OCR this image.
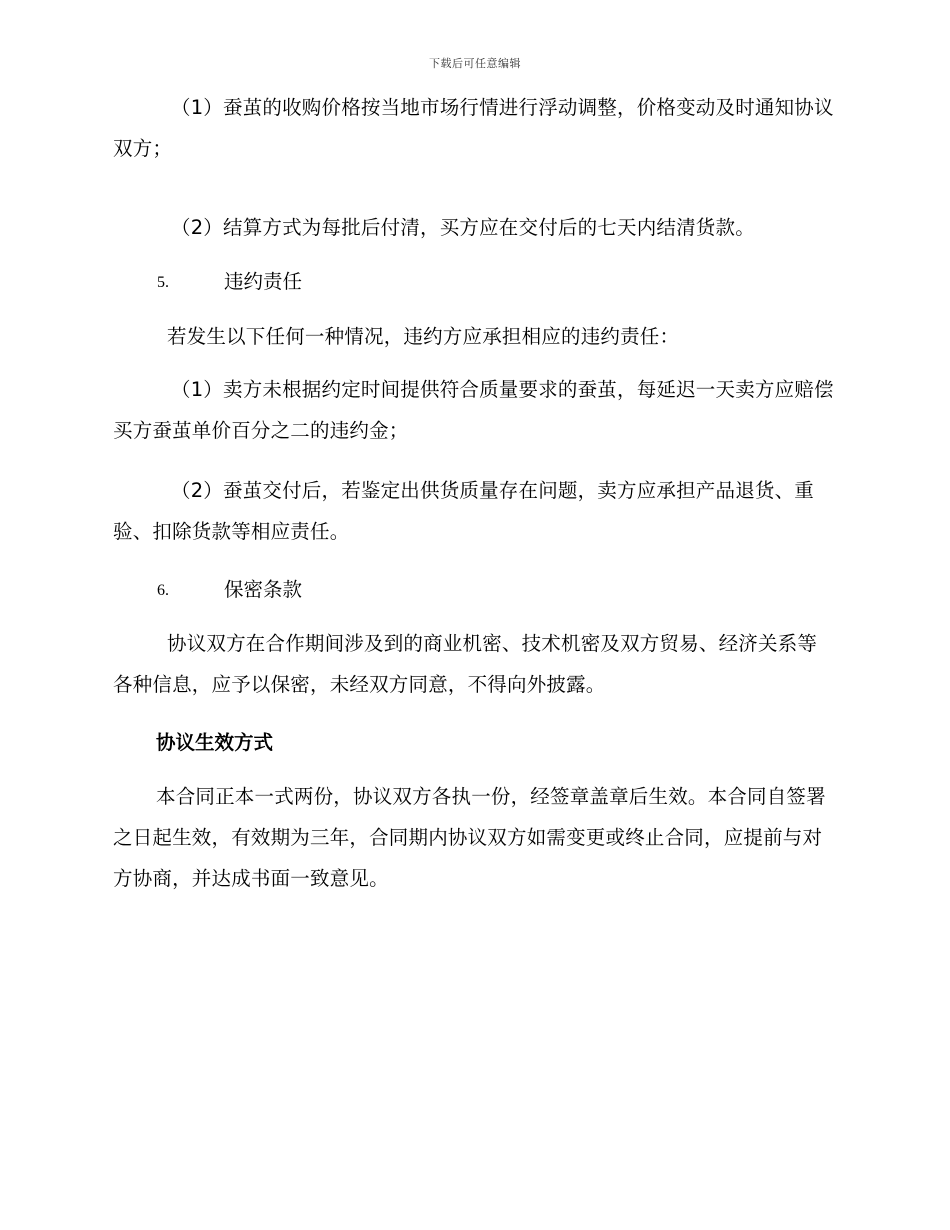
下载后可任意编辑

（1）蚕茧的收购价格按当地市场行情进行浮动调整，价格变动及时通知协议双方；

（2）结算方式为每批后付清，买方应在交付后的七天内结清货款。

5.	违约责任

若发生以下任何一种情况，违约方应承担相应的违约责任：

（1）卖方未根据约定时间提供符合质量要求的蚕茧，每延迟一天卖方应赔偿买方蚕茧单价百分之二的违约金；

（2）蚕茧交付后，若鉴定出供货质量存在问题，卖方应承担产品退货、重验、扣除货款等相应责任。

6.	保密条款

协议双方在合作期间涉及到的商业机密、技术机密及双方贸易、经济关系等各种信息，应予以保密，未经双方同意，不得向外披露。

协议生效方式

本合同正本一式两份，协议双方各执一份，经签章盖章后生效。本合同自签署之日起生效，有效期为三年，合同期内协议双方如需变更或终止合同，应提前与对方协商，并达成书面一致意见。
